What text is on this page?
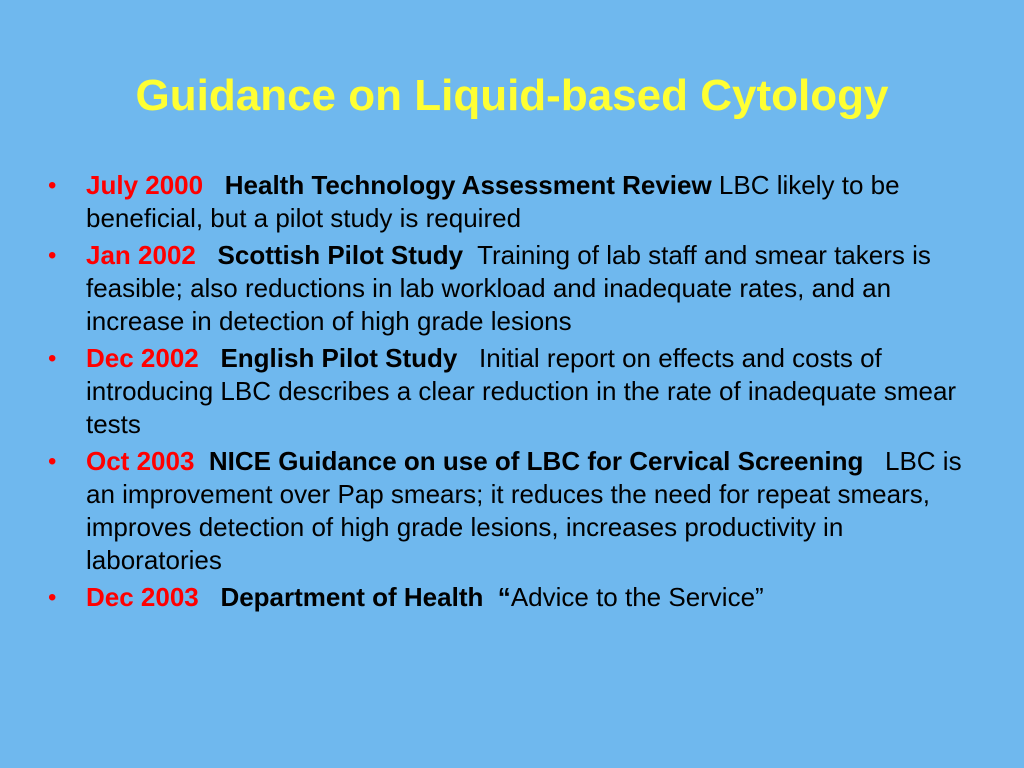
Guidance on Liquid-based Cytology
• July 2000 Health Technology Assessment Review LBC likely to be beneficial, but a pilot study is required
• Jan 2002 Scottish Pilot Study  Training of lab staff and smear takers is feasible; also reductions in lab workload and inadequate rates, and an increase in detection of high grade lesions
• Dec 2002 English Pilot Study   Initial report on effects and costs of introducing LBC describes a clear reduction in the rate of inadequate smear tests
• Oct 2003 NICE Guidance on use of LBC for Cervical Screening   LBC is an improvement over Pap smears; it reduces the need for repeat smears, improves detection of high grade lesions, increases productivity in laboratories
• Dec 2003 Department of Health  “Advice to the Service”
